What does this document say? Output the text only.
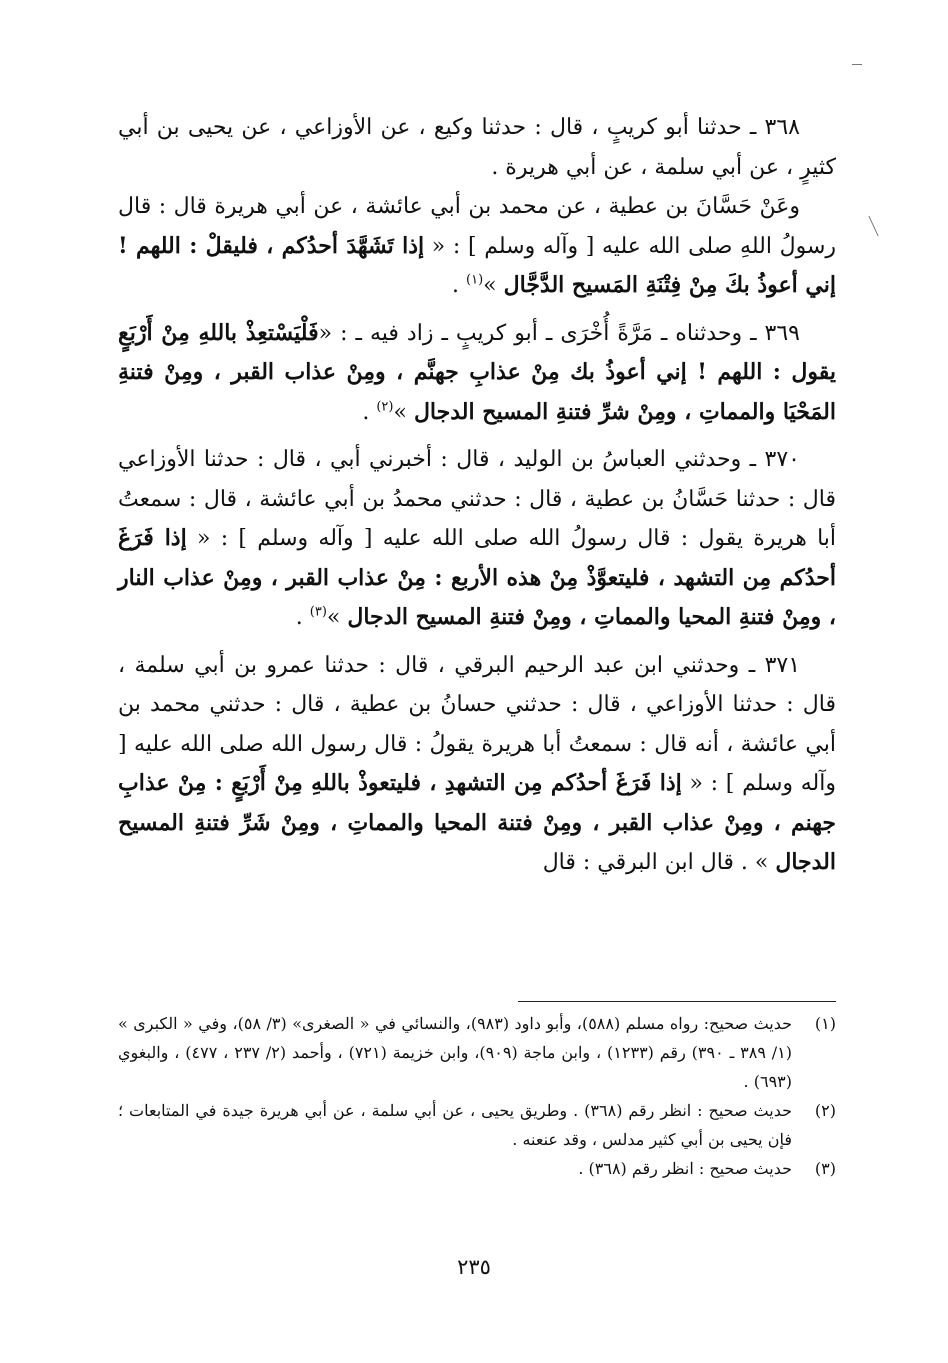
٣٦٨ ـ حدثنا أبو كريبٍ ، قال : حدثنا وكيع ، عن الأوزاعي ، عن يحيى بن أبي كثيرٍ ، عن أبي سلمة ، عن أبي هريرة .

وعَنْ حَسَّانَ بن عطية ، عن محمد بن أبي عائشة ، عن أبي هريرة قال : قال رسولُ اللهِ صلى الله عليه [ وآله وسلم ] : « إذا تَشَهَّدَ أحدُكم ، فليقلْ : اللهم ! إني أعوذُ بكَ مِنْ فِتْنَةِ المَسيح الدَّجَّال »$^{(١)}$ .

٣٦٩ ـ وحدثناه ـ مَرَّةً أُخْرَى ـ أبو كريبٍ ـ زاد فيه ـ : «فَلْيَسْتعِذْ باللهِ مِنْ أَرْبَعٍ يقول : اللهم ! إني أعوذُ بك مِنْ عذابِ جهنَّم ، ومِنْ عذاب القبر ، ومِنْ فتنةِ المَحْيَا والمماتِ ، ومِنْ شرِّ فتنةِ المسيح الدجال »$^{(٢)}$ .

٣٧٠ ـ وحدثني العباسُ بن الوليد ، قال : أخبرني أبي ، قال : حدثنا الأوزاعي قال : حدثنا حَسَّانُ بن عطية ، قال : حدثني محمدُ بن أبي عائشة ، قال : سمعتُ أبا هريرة يقول : قال رسولُ الله صلى الله عليه [ وآله وسلم ] : « إذا فَرَغَ أحدُكم مِن التشهد ، فليتعوَّذْ مِنْ هذه الأربع : مِنْ عذاب القبر ، ومِنْ عذاب النار ، ومِنْ فتنةِ المحيا والمماتِ ، ومِنْ فتنةِ المسيح الدجال »$^{(٣)}$ .

٣٧١ ـ وحدثني ابن عبد الرحيم البرقي ، قال : حدثنا عمرو بن أبي سلمة ، قال : حدثنا الأوزاعي ، قال : حدثني حسانُ بن عطية ، قال : حدثني محمد بن أبي عائشة ، أنه قال : سمعتُ أبا هريرة يقولُ : قال رسول الله صلى الله عليه [ وآله وسلم ] : « إذا فَرَغَ أحدُكم مِن التشهدِ ، فليتعوذْ باللهِ مِنْ أَرْبَعٍ : مِنْ عذابِ جهنم ، ومِنْ عذاب القبر ، ومِنْ فتنة المحيا والمماتِ ، ومِنْ شَرِّ فتنةِ المسيح الدجال » . قال ابن البرقي : قال

(١)
حديث صحيح: رواه مسلم (٥٨٨)، وأبو داود (٩٨٣)، والنسائي في « الصغرى» (٣/ ٥٨)، وفي « الكبرى » (١/ ٣٨٩ ـ ٣٩٠) رقم (١٢٣٣) ، وابن ماجة (٩٠٩)، وابن خزيمة (٧٢١) ، وأحمد (٢/ ٢٣٧ ، ٤٧٧) ، والبغوي (٦٩٣) .
(٢)
حديث صحيح : انظر رقم (٣٦٨) . وطريق يحيى ، عن أبي سلمة ، عن أبي هريرة جيدة في المتابعات ؛ فإن يحيى بن أبي كثير مدلس ، وقد عنعنه .
(٣)
حديث صحيح : انظر رقم (٣٦٨) .
٢٣٥
